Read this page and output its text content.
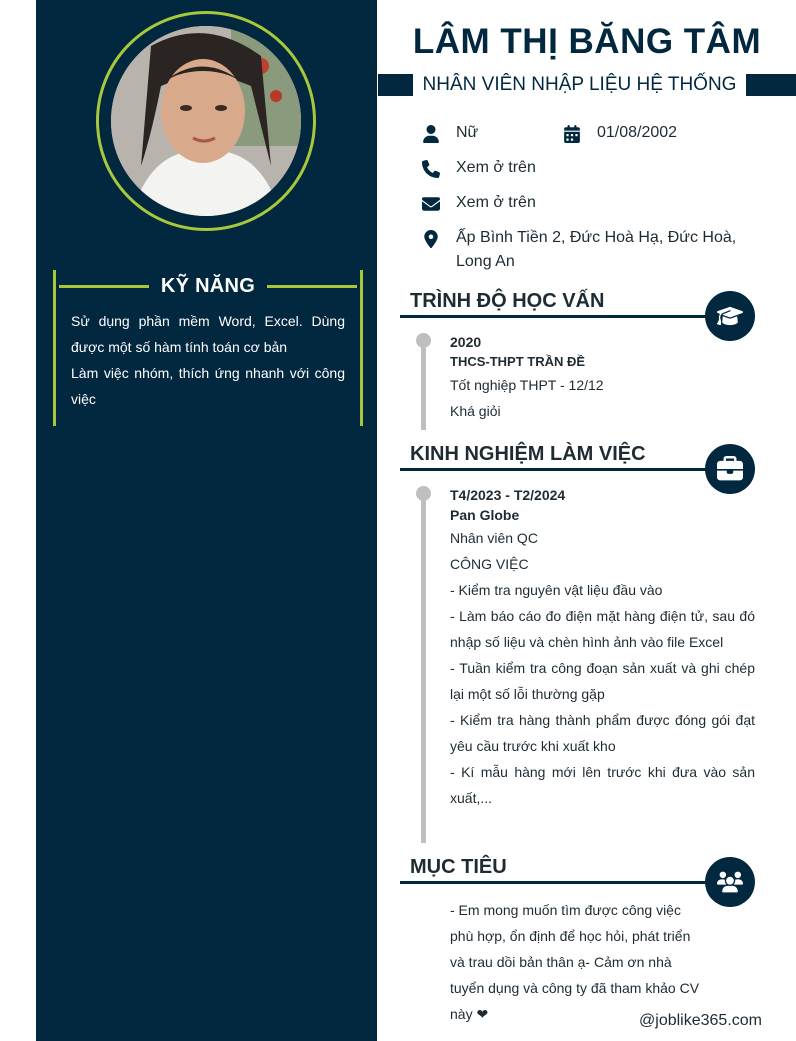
KỸ NĂNG
Sử dụng phần mềm Word, Excel. Dùng được một số hàm tính toán cơ bản
Làm việc nhóm, thích ứng nhanh với công việc
LÂM THỊ BĂNG TÂM
NHÂN VIÊN NHẬP LIỆU HỆ THỐNG
Nữ	01/08/2002
Xem ở trên
Xem ở trên
Ấp Bình Tiền 2, Đức Hoà Hạ, Đức Hoà, Long An
TRÌNH ĐỘ HỌC VẤN
2020
THCS-THPT TRẦN ĐỀ
Tốt nghiệp THPT - 12/12
Khá giỏi
KINH NGHIỆM LÀM VIỆC
T4/2023 - T2/2024
Pan Globe
Nhân viên QC
CÔNG VIỆC
- Kiểm tra nguyên vật liệu đầu vào
- Làm báo cáo đo điện mặt hàng điện tử, sau đó nhập số liệu và chèn hình ảnh vào file Excel
- Tuần kiểm tra công đoạn sản xuất và ghi chép lại một số lỗi thường gặp
- Kiểm tra hàng thành phẩm được đóng gói đạt yêu cầu trước khi xuất kho
- Kí mẫu hàng mới lên trước khi đưa vào sản xuất,...
MỤC TIÊU
- Em mong muốn tìm được công việc phù hợp, ổn định để học hỏi, phát triển và trau dồi bản thân ạ- Cảm ơn nhà tuyển dụng và công ty đã tham khảo CV này ❤	@joblike365.com
